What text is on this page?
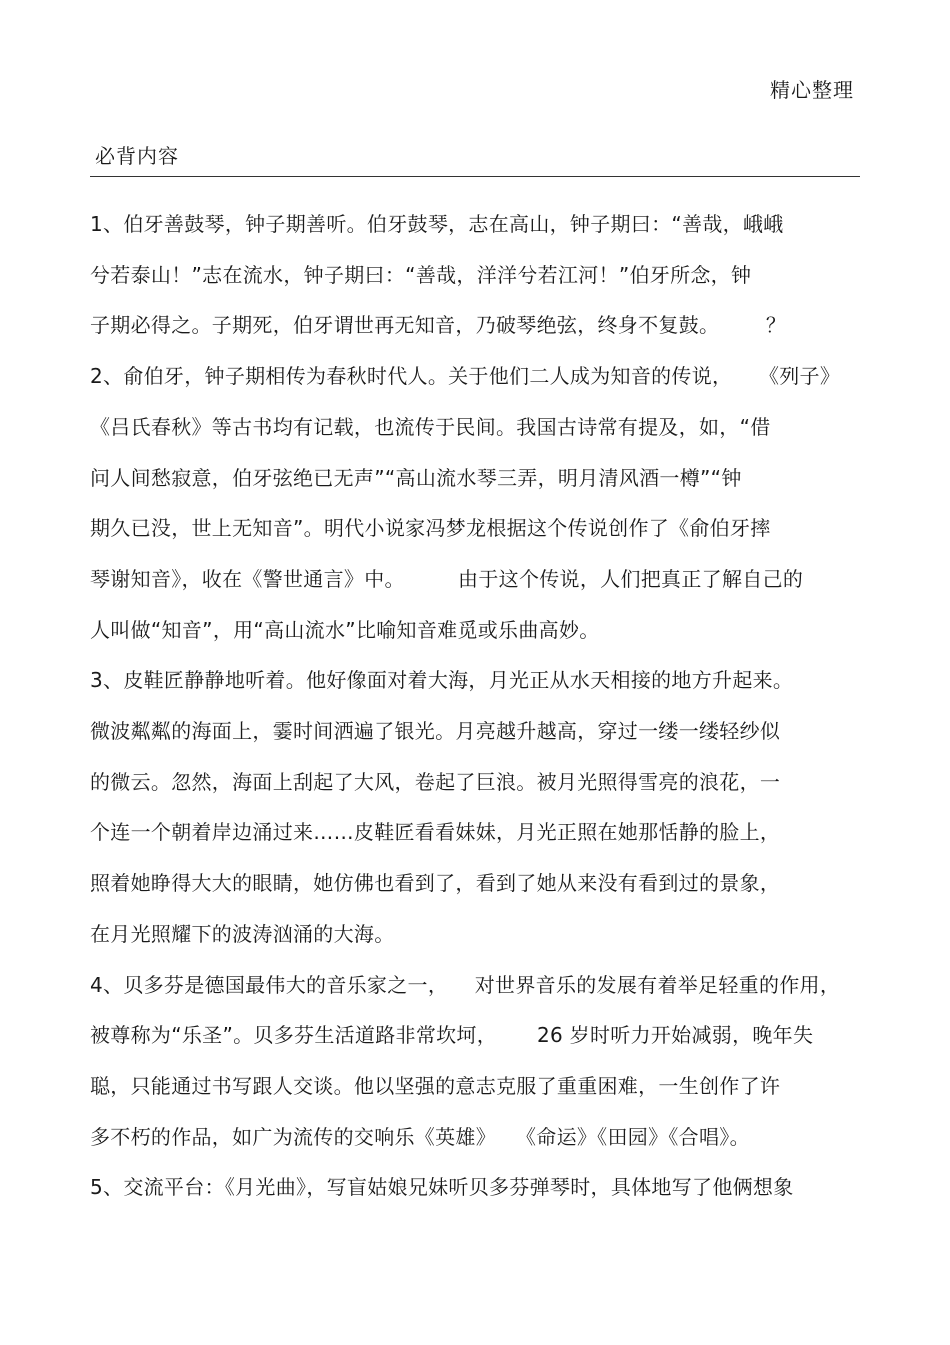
精心整理
必背内容
1、伯牙善鼓琴，钟子期善听。伯牙鼓琴，志在高山，钟子期曰：“善哉，峨峨
兮若泰山！”志在流水，钟子期曰：“善哉，洋洋兮若江河！”伯牙所念，钟
子期必得之。子期死，伯牙谓世再无知音，乃破琴绝弦，终身不复鼓。       ？
2、俞伯牙，钟子期相传为春秋时代人。关于他们二人成为知音的传说，    《列子》
《吕氏春秋》等古书均有记载，也流传于民间。我国古诗常有提及，如，“借
问人间愁寂意，伯牙弦绝已无声”“高山流水琴三弄，明月清风酒一樽”“钟
期久已没，世上无知音”。明代小说家冯梦龙根据这个传说创作了《俞伯牙摔
琴谢知音》，收在《警世通言》中。        由于这个传说，人们把真正了解自己的
人叫做“知音”，用“高山流水”比喻知音难觅或乐曲高妙。
3、皮鞋匠静静地听着。他好像面对着大海，月光正从水天相接的地方升起来。
微波粼粼的海面上，霎时间洒遍了银光。月亮越升越高，穿过一缕一缕轻纱似
的微云。忽然，海面上刮起了大风，卷起了巨浪。被月光照得雪亮的浪花，一
个连一个朝着岸边涌过来……皮鞋匠看看妹妹，月光正照在她那恬静的脸上，
照着她睁得大大的眼睛，她仿佛也看到了，看到了她从来没有看到过的景象，
在月光照耀下的波涛汹涌的大海。
4、贝多芬是德国最伟大的音乐家之一，    对世界音乐的发展有着举足轻重的作用，
被尊称为“乐圣”。贝多芬生活道路非常坎坷，      26 岁时听力开始减弱，晚年失
聪，只能通过书写跟人交谈。他以坚强的意志克服了重重困难，一生创作了许
多不朽的作品，如广为流传的交响乐《英雄》   《命运》《田园》《合唱》。
5、交流平台：《月光曲》，写盲姑娘兄妹听贝多芬弹琴时，具体地写了他俩想象
